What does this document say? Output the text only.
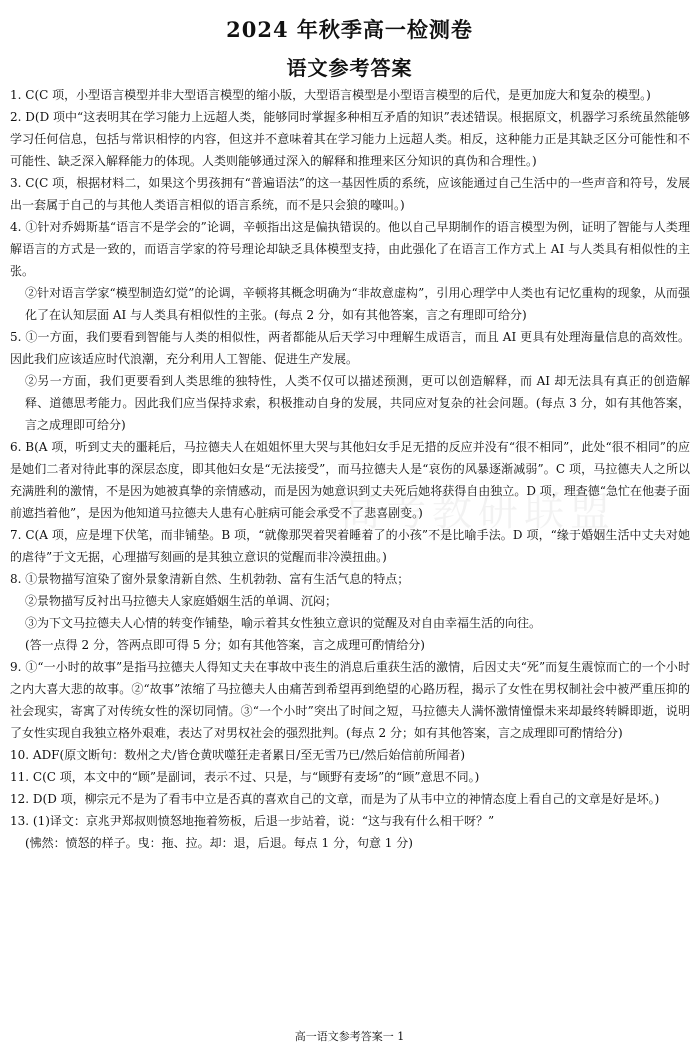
2024 年秋季高一检测卷
语文参考答案
高考教研联盟

1. C(C 项，小型语言模型并非大型语言模型的缩小版，大型语言模型是小型语言模型的后代，是更加庞大和复杂的模型。)

2. D(D 项中“这表明其在学习能力上远超人类，能够同时掌握多种相互矛盾的知识”表述错误。根据原文，机器学习系统虽然能够学习任何信息，包括与常识相悖的内容，但这并不意味着其在学习能力上远超人类。相反，这种能力正是其缺乏区分可能性和不可能性、缺乏深入解释能力的体现。人类则能够通过深入的解释和推理来区分知识的真伪和合理性。)

3. C(C 项，根据材料二，如果这个男孩拥有“普遍语法”的这一基因性质的系统，应该能通过自己生活中的一些声音和符号，发展出一套属于自己的与其他人类语言相似的语言系统，而不是只会狼的嚎叫。)

4. ①针对乔姆斯基“语言不是学会的”论调，辛顿指出这是偏执错误的。他以自己早期制作的语言模型为例，证明了智能与人类理解语言的方式是一致的，而语言学家的符号理论却缺乏具体模型支持，由此强化了在语言工作方式上 AI 与人类具有相似性的主张。

②针对语言学家“模型制造幻觉”的论调，辛顿将其概念明确为“非故意虚构”，引用心理学中人类也有记忆重构的现象，从而强化了在认知层面 AI 与人类具有相似性的主张。(每点 2 分，如有其他答案，言之有理即可给分)

5. ①一方面，我们要看到智能与人类的相似性，两者都能从后天学习中理解生成语言，而且 AI 更具有处理海量信息的高效性。因此我们应该适应时代浪潮，充分利用人工智能、促进生产发展。

②另一方面，我们更要看到人类思维的独特性，人类不仅可以描述预测，更可以创造解释，而 AI 却无法具有真正的创造解释、道德思考能力。因此我们应当保持求索，积极推动自身的发展，共同应对复杂的社会问题。(每点 3 分，如有其他答案，言之成理即可给分)

6. B(A 项，听到丈夫的噩耗后，马拉德夫人在姐姐怀里大哭与其他妇女手足无措的反应并没有“很不相同”，此处“很不相同”的应是她们二者对待此事的深层态度，即其他妇女是“无法接受”，而马拉德夫人是“哀伤的风暴逐渐减弱”。C 项，马拉德夫人之所以充满胜利的激情，不是因为她被真挚的亲情感动，而是因为她意识到丈夫死后她将获得自由独立。D 项，理查德“急忙在他妻子面前遮挡着他”，是因为他知道马拉德夫人患有心脏病可能会承受不了悲喜剧变。)

7. C(A 项，应是埋下伏笔，而非铺垫。B 项，“就像那哭着哭着睡着了的小孩”不是比喻手法。D 项，“缘于婚姻生活中丈夫对她的虐待”于文无据，心理描写刻画的是其独立意识的觉醒而非冷漠扭曲。)

8. ①景物描写渲染了窗外景象清新自然、生机勃勃、富有生活气息的特点；

②景物描写反衬出马拉德夫人家庭婚姻生活的单调、沉闷；

③为下文马拉德夫人心情的转变作铺垫，喻示着其女性独立意识的觉醒及对自由幸福生活的向往。

(答一点得 2 分，答两点即可得 5 分；如有其他答案，言之成理可酌情给分)

9. ①“一小时的故事”是指马拉德夫人得知丈夫在事故中丧生的消息后重获生活的激情，后因丈夫“死”而复生震惊而亡的一个小时之内大喜大悲的故事。②“故事”浓缩了马拉德夫人由痛苦到希望再到绝望的心路历程，揭示了女性在男权制社会中被严重压抑的社会现实，寄寓了对传统女性的深切同情。③“一个小时”突出了时间之短，马拉德夫人满怀激情憧憬未来却最终转瞬即逝，说明了女性实现自我独立格外艰难，表达了对男权社会的强烈批判。(每点 2 分；如有其他答案，言之成理即可酌情给分)

10. ADF(原文断句：数州之犬/皆仓黄吠噬狂走者累日/至无雪乃已/然后始信前所闻者)

11. C(C 项，本文中的“顾”是副词，表示不过、只是，与“顾野有麦场”的“顾”意思不同。)

12. D(D 项，柳宗元不是为了看韦中立是否真的喜欢自己的文章，而是为了从韦中立的神情态度上看自己的文章是好是坏。)

13. (1)译文：京兆尹郑叔则愤怒地拖着笏板，后退一步站着，说：“这与我有什么相干呀？”

(怫然：愤怒的样子。曳：拖、拉。却：退，后退。每点 1 分，句意 1 分)

高一语文参考答案一 1
